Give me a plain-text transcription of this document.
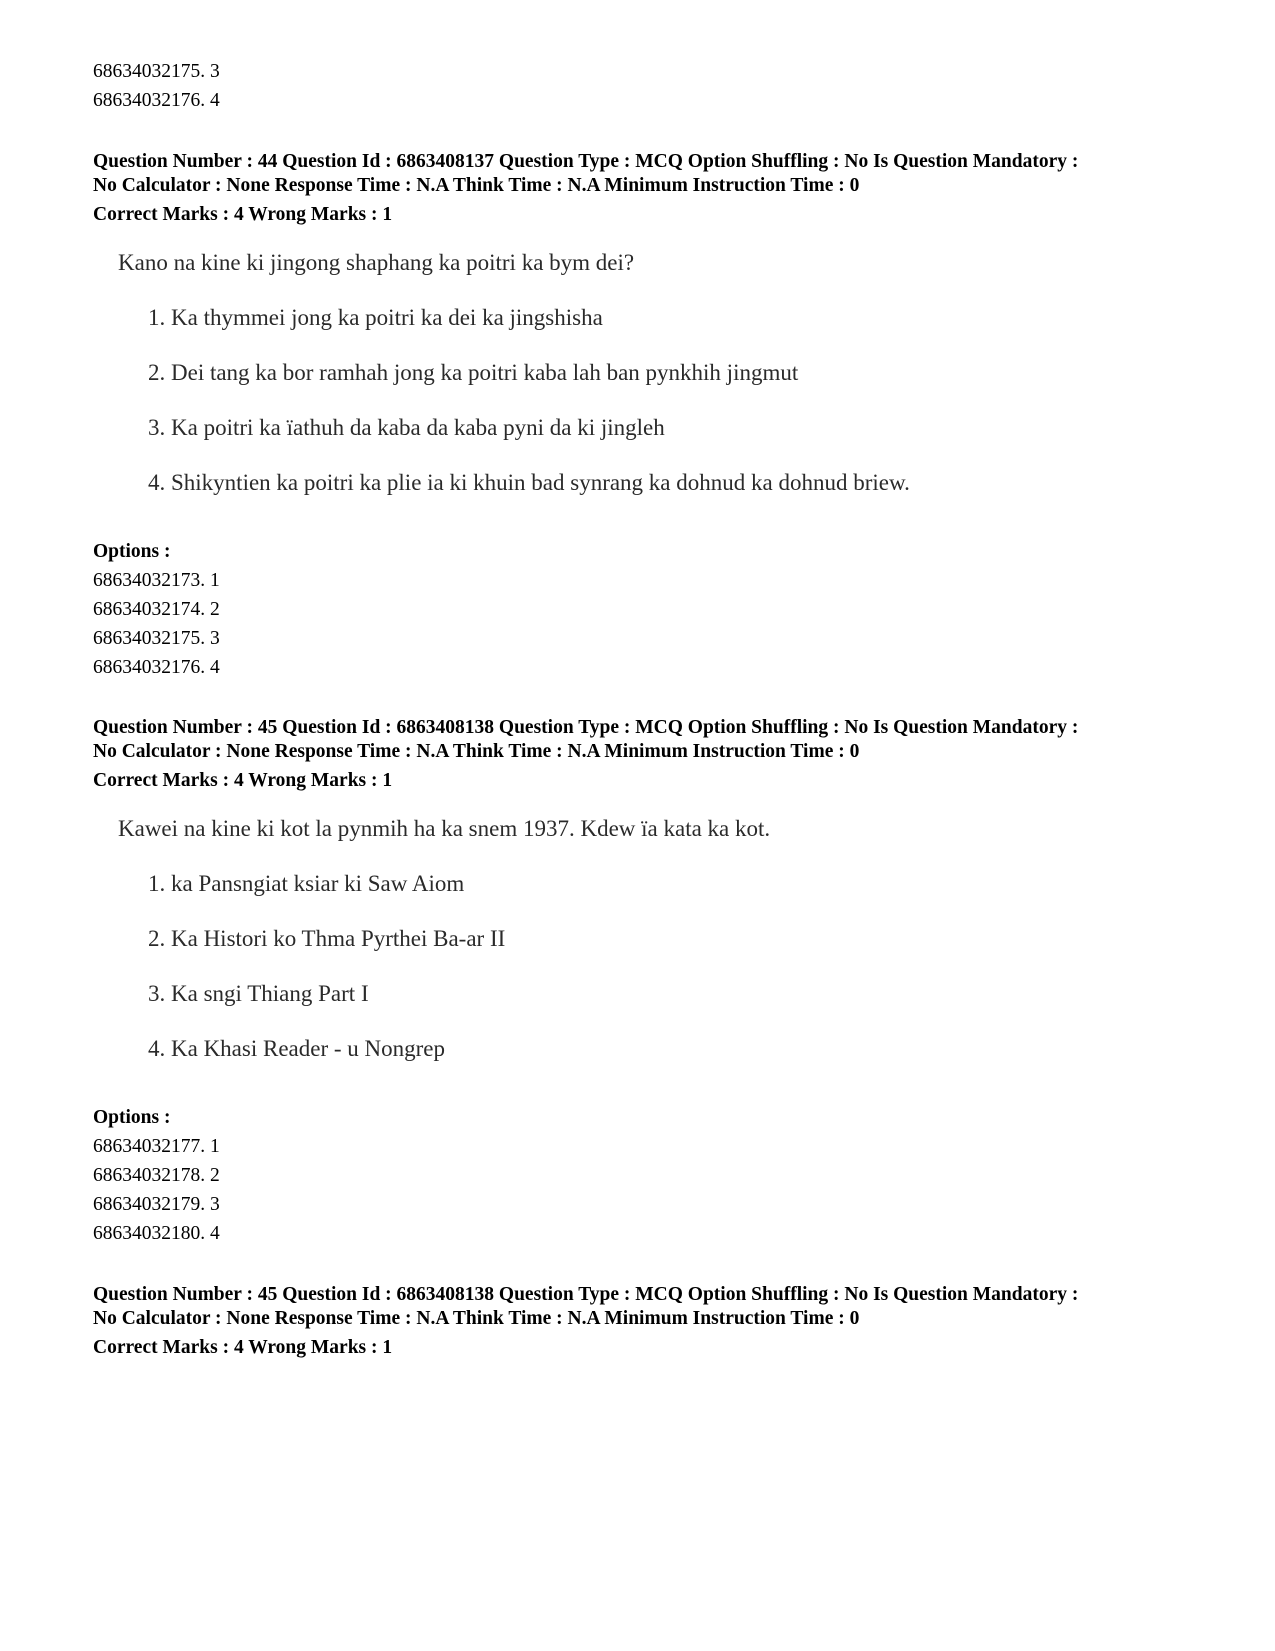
68634032175. 3
68634032176. 4
Question Number : 44 Question Id : 6863408137 Question Type : MCQ Option Shuffling : No Is Question Mandatory :
No Calculator : None Response Time : N.A Think Time : N.A Minimum Instruction Time : 0
Correct Marks : 4 Wrong Marks : 1
Kano na kine ki jingong shaphang ka poitri ka bym dei?
1. Ka thymmei jong ka poitri ka dei ka jingshisha
2. Dei tang ka bor ramhah jong ka poitri kaba lah ban pynkhih jingmut
3. Ka poitri ka ïathuh da kaba da kaba pyni da ki jingleh
4. Shikyntien ka poitri ka plie ia ki khuin bad synrang ka dohnud ka dohnud briew.
Options :
68634032173. 1
68634032174. 2
68634032175. 3
68634032176. 4
Question Number : 45 Question Id : 6863408138 Question Type : MCQ Option Shuffling : No Is Question Mandatory :
No Calculator : None Response Time : N.A Think Time : N.A Minimum Instruction Time : 0
Correct Marks : 4 Wrong Marks : 1
Kawei na kine ki kot la pynmih ha ka snem 1937. Kdew ïa kata ka kot.
1. ka Pansngiat ksiar ki Saw Aiom
2. Ka Histori ko Thma Pyrthei Ba-ar II
3. Ka sngi Thiang Part I
4. Ka Khasi Reader - u Nongrep
Options :
68634032177. 1
68634032178. 2
68634032179. 3
68634032180. 4
Question Number : 45 Question Id : 6863408138 Question Type : MCQ Option Shuffling : No Is Question Mandatory :
No Calculator : None Response Time : N.A Think Time : N.A Minimum Instruction Time : 0
Correct Marks : 4 Wrong Marks : 1
